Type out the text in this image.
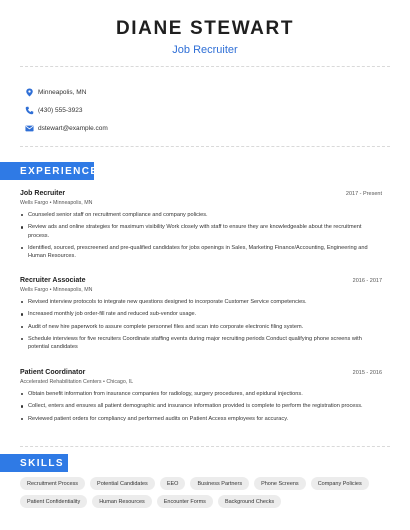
DIANE STEWART
Job Recruiter
Minneapolis, MN
(430) 555-3923
dstewart@example.com
EXPERIENCE
Job Recruiter	2017 - Present
Wells Fargo • Minneapolis, MN
Counseled senior staff on recruitment compliance and company policies.
Review ads and online strategies for maximum visibility Work closely with staff to ensure they are knowledgeable about the recruitment process.
Identified, sourced, prescreened and pre-qualified candidates for jobs openings in Sales, Marketing Finance/Accounting, Engineering and Human Resources.
Recruiter Associate	2016 - 2017
Wells Fargo • Minneapolis, MN
Revised interview protocols to integrate new questions designed to incorporate Customer Service competencies.
Increased monthly job order-fill rate and reduced sub-vendor usage.
Audit of new hire paperwork to assure complete personnel files and scan into corporate electronic filing system.
Schedule interviews for five recruiters Coordinate staffing events during major recruiting periods Conduct qualifying phone screens with potential candidates
Patient Coordinator	2015 - 2016
Accelerated Rehabilitation Centers • Chicago, IL
Obtain benefit information from insurance companies for radiology, surgery procedures, and epidural injections.
Collect, enters and ensures all patient demographic and insurance information provided is complete to perform the registration process.
Reviewed patient orders for compliancy and performed audits on Patient Access employees for accuracy.
SKILLS
Recruitment Process	Potential Candidates	EEO	Business Partners	Phone Screens	Company Policies
Patient Confidentiality	Human Resources	Encounter Forms	Background Checks
